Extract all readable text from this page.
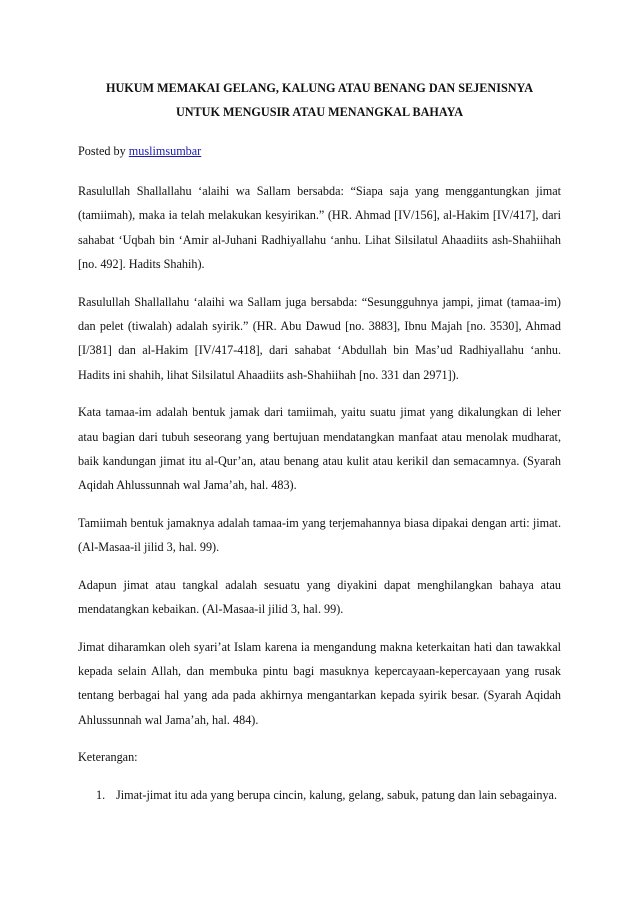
HUKUM MEMAKAI GELANG, KALUNG ATAU BENANG DAN SEJENISNYA
UNTUK MENGUSIR ATAU MENANGKAL BAHAYA
Posted by muslimsumbar

Rasulullah Shallallahu ‘alaihi wa Sallam bersabda: “Siapa saja yang menggantungkan jimat (tamiimah), maka ia telah melakukan kesyirikan.” (HR. Ahmad [IV/156], al-Hakim [IV/417], dari sahabat ‘Uqbah bin ‘Amir al-Juhani Radhiyallahu ‘anhu. Lihat Silsilatul Ahaadiits ash-Shahiihah [no. 492]. Hadits Shahih).

Rasulullah Shallallahu ‘alaihi wa Sallam juga bersabda: “Sesungguhnya jampi, jimat (tamaa-im) dan pelet (tiwalah) adalah syirik.” (HR. Abu Dawud [no. 3883], Ibnu Majah [no. 3530], Ahmad [I/381] dan al-Hakim [IV/417-418], dari sahabat ‘Abdullah bin Mas’ud Radhiyallahu ‘anhu. Hadits ini shahih, lihat Silsilatul Ahaadiits ash-Shahiihah [no. 331 dan 2971]).

Kata tamaa-im adalah bentuk jamak dari tamiimah, yaitu suatu jimat yang dikalungkan di leher atau bagian dari tubuh seseorang yang bertujuan mendatangkan manfaat atau menolak mudharat, baik kandungan jimat itu al-Qur’an, atau benang atau kulit atau kerikil dan semacamnya. (Syarah Aqidah Ahlussunnah wal Jama’ah, hal. 483).

Tamiimah bentuk jamaknya adalah tamaa-im yang terjemahannya biasa dipakai dengan arti: jimat. (Al-Masaa-il jilid 3, hal. 99).

Adapun jimat atau tangkal adalah sesuatu yang diyakini dapat menghilangkan bahaya atau mendatangkan kebaikan. (Al-Masaa-il jilid 3, hal. 99).

Jimat diharamkan oleh syari’at Islam karena ia mengandung makna keterkaitan hati dan tawakkal kepada selain Allah, dan membuka pintu bagi masuknya kepercayaan-kepercayaan yang rusak tentang berbagai hal yang ada pada akhirnya mengantarkan kepada syirik besar. (Syarah Aqidah Ahlussunnah wal Jama’ah, hal. 484).

Keterangan:

1. Jimat-jimat itu ada yang berupa cincin, kalung, gelang, sabuk, patung dan lain sebagainya.
